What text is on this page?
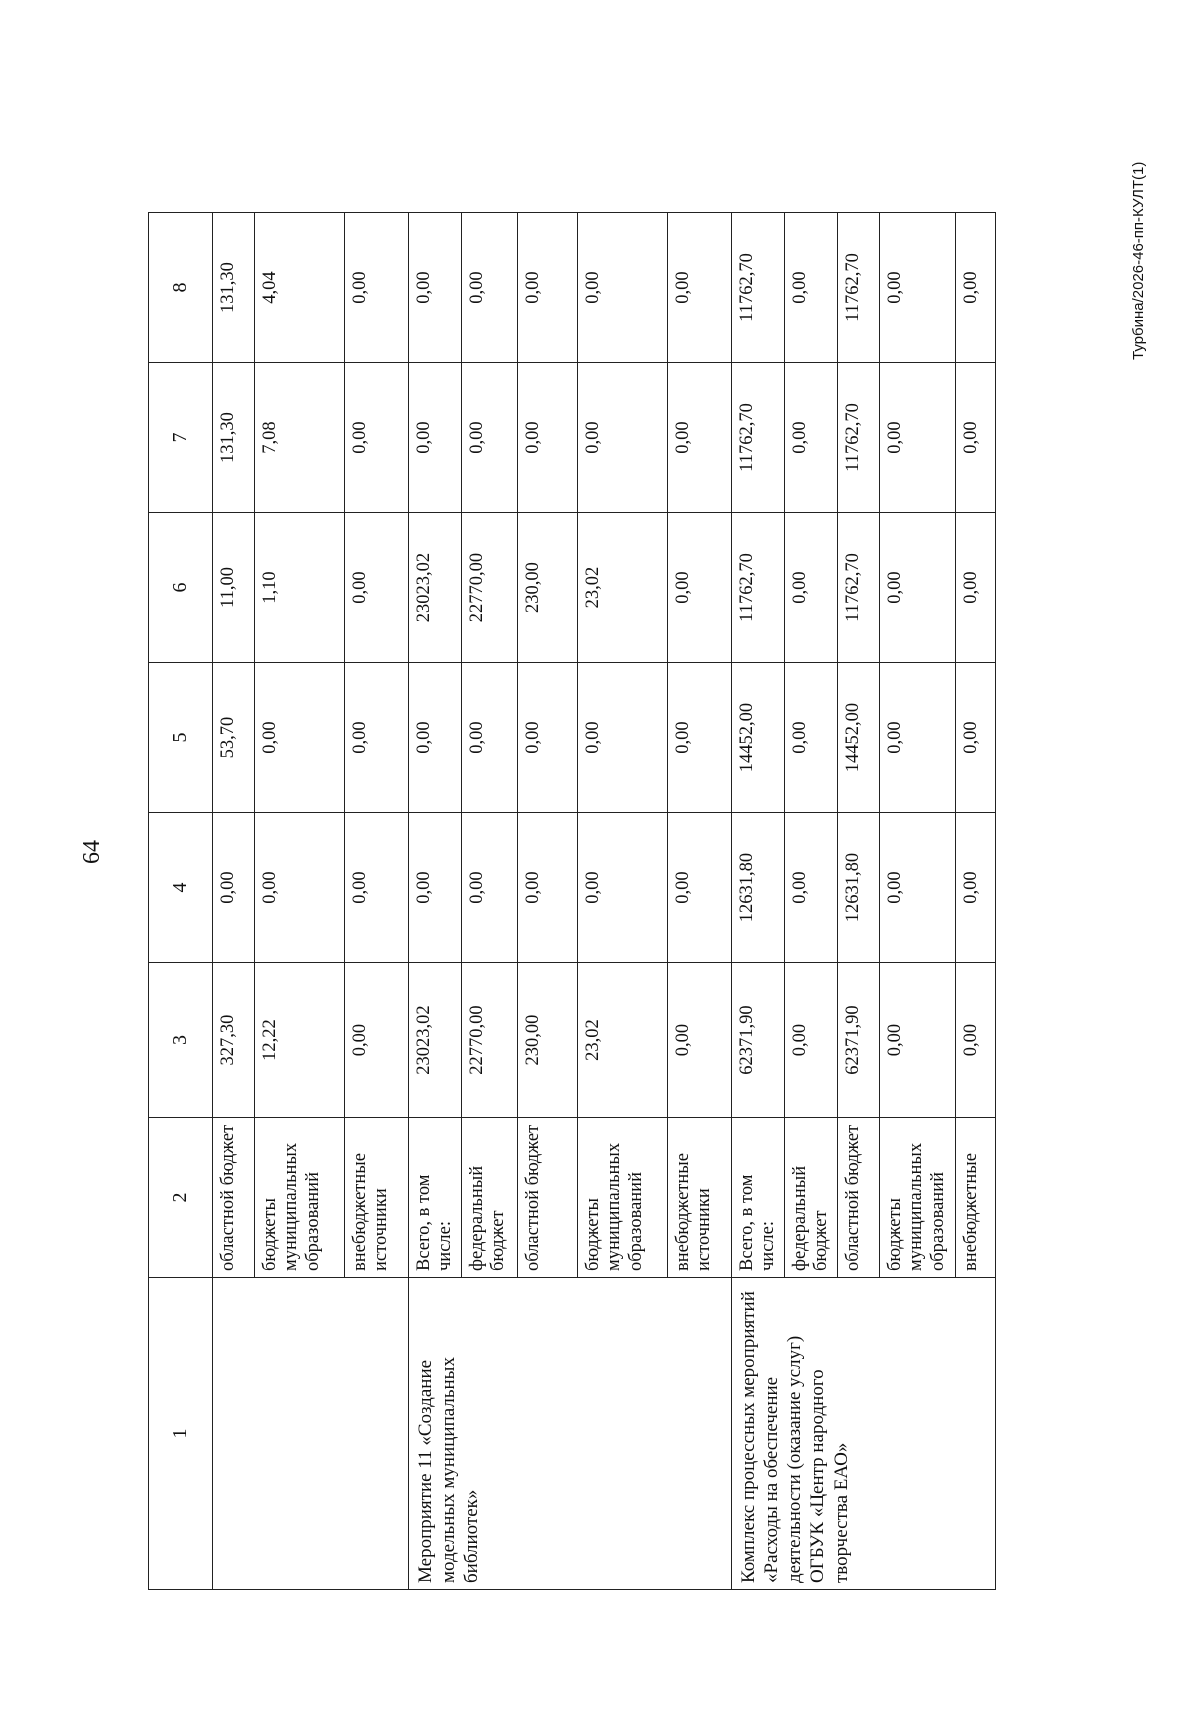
64
1	2	3	4	5	6	7	8
	областной бюджет	327,30	0,00	53,70	11,00	131,30	131,30
	бюджеты муниципальных образований	12,22	0,00	0,00	1,10	7,08	4,04
	внебюджетные источники	0,00	0,00	0,00	0,00	0,00	0,00
Мероприятие 11 «Создание модельных муниципальных библиотек»	Всего, в том числе:	23023,02	0,00	0,00	23023,02	0,00	0,00
	федеральный бюджет	22770,00	0,00	0,00	22770,00	0,00	0,00
	областной бюджет	230,00	0,00	0,00	230,00	0,00	0,00
	бюджеты муниципальных образований	23,02	0,00	0,00	23,02	0,00	0,00
	внебюджетные источники	0,00	0,00	0,00	0,00	0,00	0,00
Комплекс процессных мероприятий «Расходы на обеспечение деятельности (оказание услуг) ОГБУК «Центр народного творчества ЕАО»	Всего, в том числе:	62371,90	12631,80	14452,00	11762,70	11762,70	11762,70
	федеральный бюджет	0,00	0,00	0,00	0,00	0,00	0,00
	областной бюджет	62371,90	12631,80	14452,00	11762,70	11762,70	11762,70
	бюджеты муниципальных образований	0,00	0,00	0,00	0,00	0,00	0,00
	внебюджетные	0,00	0,00	0,00	0,00	0,00	0,00	Турбина/2026-46-пп-КУЛТ(1)
